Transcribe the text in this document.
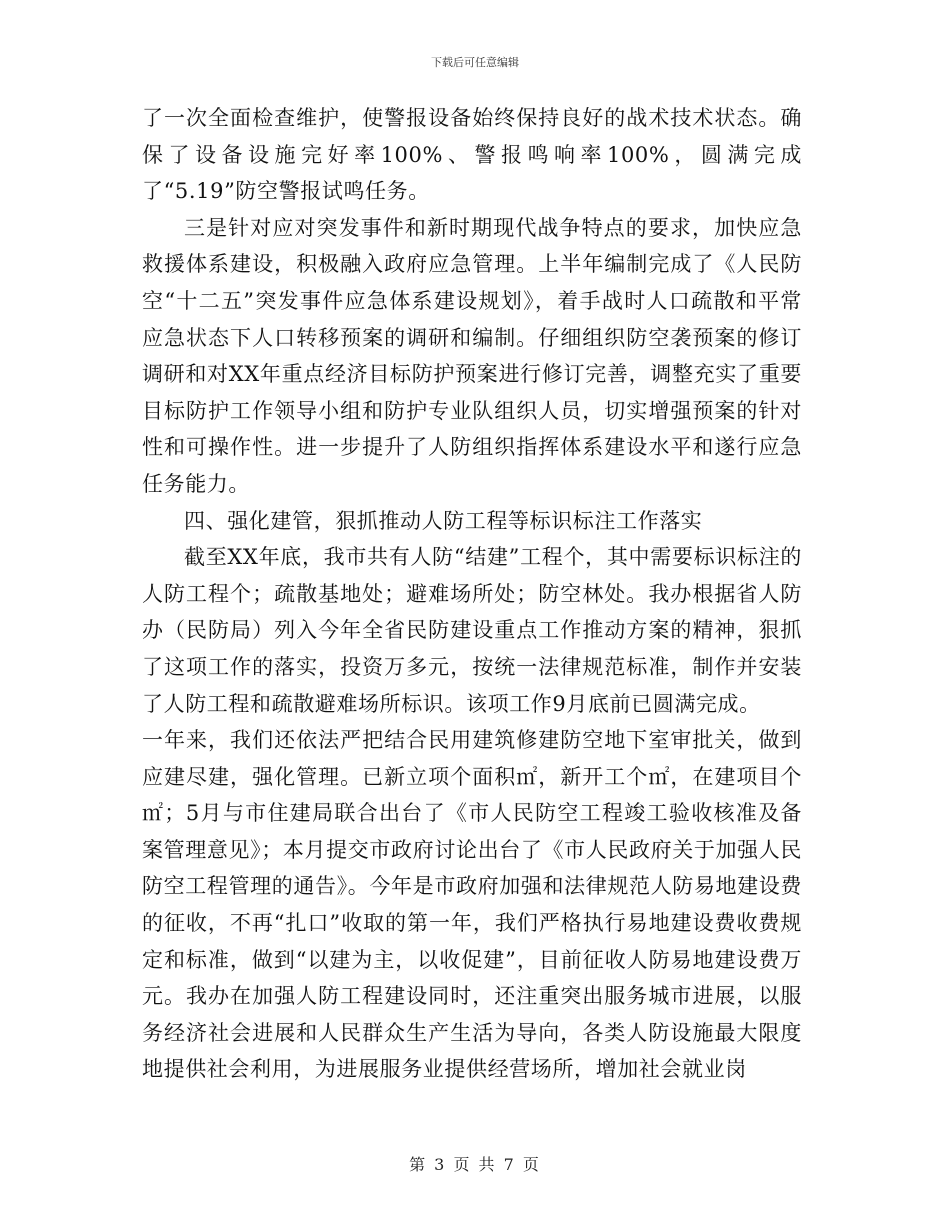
下载后可任意编辑

了一次全面检查维护，使警报设备始终保持良好的战术技术状态。确保了设备设施完好率100%、警报鸣响率100%，圆满完成了“5.19”防空警报试鸣任务。

三是针对应对突发事件和新时期现代战争特点的要求，加快应急救援体系建设，积极融入政府应急管理。上半年编制完成了《人民防空“十二五”突发事件应急体系建设规划》，着手战时人口疏散和平常应急状态下人口转移预案的调研和编制。仔细组织防空袭预案的修订调研和对XX年重点经济目标防护预案进行修订完善，调整充实了重要目标防护工作领导小组和防护专业队组织人员，切实增强预案的针对性和可操作性。进一步提升了人防组织指挥体系建设水平和遂行应急任务能力。

四、强化建管，狠抓推动人防工程等标识标注工作落实

截至XX年底，我市共有人防“结建”工程个，其中需要标识标注的人防工程个；疏散基地处；避难场所处；防空林处。我办根据省人防办（民防局）列入今年全省民防建设重点工作推动方案的精神，狠抓了这项工作的落实，投资万多元，按统一法律规范标准，制作并安装了人防工程和疏散避难场所标识。该项工作9月底前已圆满完成。

一年来，我们还依法严把结合民用建筑修建防空地下室审批关，做到应建尽建，强化管理。已新立项个面积㎡，新开工个㎡，在建项目个㎡；5月与市住建局联合出台了《市人民防空工程竣工验收核准及备案管理意见》；本月提交市政府讨论出台了《市人民政府关于加强人民防空工程管理的通告》。今年是市政府加强和法律规范人防易地建设费的征收，不再“扎口”收取的第一年，我们严格执行易地建设费收费规定和标准，做到“以建为主，以收促建”，目前征收人防易地建设费万元。我办在加强人防工程建设同时，还注重突出服务城市进展，以服务经济社会进展和人民群众生产生活为导向，各类人防设施最大限度地提供社会利用，为进展服务业提供经营场所，增加社会就业岗

第 3 页 共 7 页
